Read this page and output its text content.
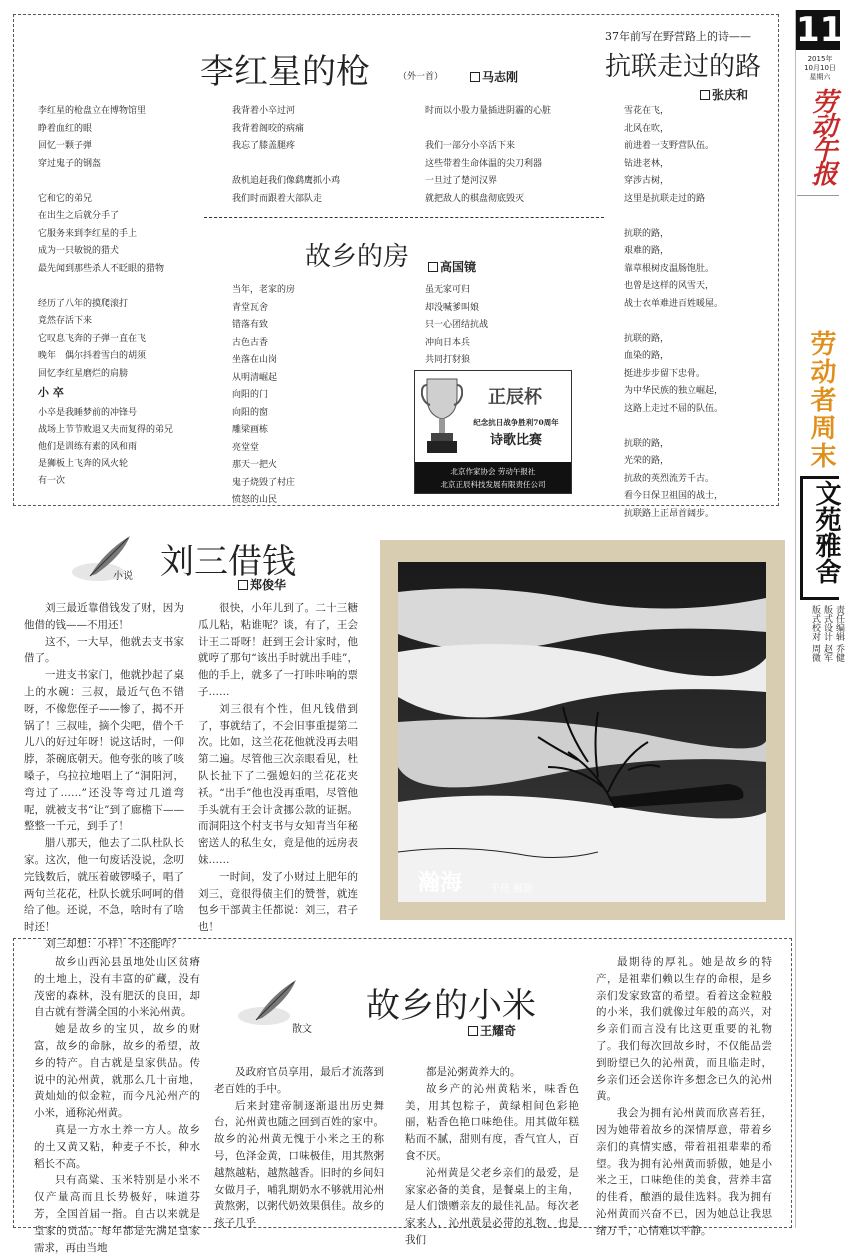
11
2015年
10月10日
星期六
劳动午报
劳动者周末
文苑雅舍
责任编辑 乔健
版式设计 赵军
版式校对 周微
李红星的枪	（外一首）	马志刚
李红星的枪盘立在博物馆里
睁着血红的眼
回忆一颗子弹
穿过鬼子的钢盔

它和它的弟兄
在出生之后就分手了
它服务来到李红星的手上
成为一只敏锐的猎犬
最先闻到那些杀人不眨眼的猎物

经历了八年的摸爬滚打
竟然存活下来
它叹息飞奔的子弹一直在飞
晚年　偶尔抖着雪白的胡须
回忆李红星磨烂的肩膀
我背着小卒过河
我背着阁咬的病痛
我忘了膝盖腿疼

敌机追赶我们像鹞鹰抓小鸡
我们时而跟着大部队走
时而以小股力量插进阴霾的心脏

我们一部分小卒活下来
这些带着生命体温的尖刀利器
一旦过了楚河汉界
就把敌人的棋盘彻底毁灭
小 卒
小卒是我睡梦前的冲锋号
战场上节节败退又夫而复得的弟兄
他们是训练有素的风和雨
是狮板上飞奔的风火轮
有一次
37年前写在野营路上的诗——
抗联走过的路
张庆和
雪花在飞，
北风在吹，
前进着一支野营队伍。
钻进老林，
穿涉古树，
这里是抗联走过的路

抗联的路，
艰难的路，
靠草根树皮温肠饱肚。
也曾是这样的风雪天，
战士衣单难进百姓暖屋。

抗联的路，
血染的路，
挺进步步留下忠骨。
为中华民族的独立崛起，
这路上走过不屈的队伍。

抗联的路，
光荣的路，
抗敌的英烈流芳千古。
看今日保卫祖国的战士，
抗联路上正昂首阔步。
故乡的房	高国镜
当年，老家的房
青堂瓦舍
错落有致
古色古香
坐落在山岗
从明清崛起
向阳的门
向阳的窗
雕梁画栋
亮堂堂
那天一把火
鬼子烧毁了村庄
愤怒的山民
虽无家可归
却没喊爹叫娘
只一心团结抗战
冲向日本兵
共同打豺狼
正辰杯
纪念抗日战争胜利70周年
诗歌比赛
北京作家协会 劳动午报社
北京正辰科技发展有限责任公司
小说 刘三借钱
郑俊华

刘三最近靠借钱发了财，因为他借的钱——不用还！

这不，一大早，他就去支书家借了。

一进支书家门，他就抄起了桌上的水碗：三叔，最近气色不错呀，不像您侄子——惨了，揭不开锅了！三叔哇，摘个尖吧，借个千儿八的好过年呀！说这话时，一仰脖，茶碗底朝天。他夸张的咳了咳嗓子，乌拉拉地唱上了“洞阳河，弯过了……”还没等弯过几道弯呢，就被支书“让”到了廊檐下——整整一千元，到手了！

腊八那天，他去了二队杜队长家。这次，他一句废话没说，念叨完钱数后，就压着破锣嗓子，唱了两句兰花花，杜队长就乐呵呵的借给了他。还说，不急，啥时有了啥时还！

刘三却想：小样！不还能咋？

很快，小年儿到了。二十三糖瓜儿粘，粘谁呢？谈，有了，王会计王二哥呀！赶到王会计家时，他就哼了那句“该出手时就出手哇”，他的手上，就多了一打咔咔响的票子……

刘三很有个性，但凡钱借到了，事就结了，不会旧事重提第二次。比如，这兰花花他就没再去唱第二遍。尽管他三次亲眼看见，杜队长扯下了二强媳妇的兰花花夹袄。“出手”他也没再重唱，尽管他手头就有王会计贪挪公款的证据。而洞阳这个村支书与女知青当年秘密送人的私生女，竟是他的远房表妹……

一时间，发了小财过上肥年的刘三，竟很得债主们的赞誉，就连包乡干部黄主任都说：刘三，君子也！

瀚海	于佳 摄影
散文
故乡的小米
王耀奇

故乡山西沁县虽地处山区贫瘠的土地上，没有丰富的矿藏，没有茂密的森林，没有肥沃的良田，却自古就有誉满全国的小米沁州黄。

她是故乡的宝贝，故乡的财富，故乡的命脉，故乡的希望，故乡的特产。自古就是皇家供品。传说中的沁州黄，就那么几十亩地，黄灿灿的似金粒，而今凡沁州产的小米，通称沁州黄。

真是一方水土养一方人。故乡的土又黄又粘，种麦子不长，种水稻长不高。

只有高粱、玉米特别是小米不仅产量高而且长势极好，味道芬芳，全国首届一指。自古以来就是皇家的贡品。每年都是先满足皇家需求，再由当地

及政府官员享用，最后才流落到老百姓的手中。

后来封建帝制逐渐退出历史舞台，沁州黄也随之回到百姓的家中。故乡的沁州黄无愧于小米之王的称号，色泽金黄，口味极佳，用其熬粥越熬越粘，越熬越香。旧时的乡间妇女做月子，哺乳期奶水不够就用沁州黄熬粥，以粥代奶效果俱佳。故乡的孩子几乎

都是沁粥黄养大的。

故乡产的沁州黄粘米，味香色美，用其包粽子，黄绿相间色彩艳丽，粘香色艳口味绝佳。用其做年糕粘而不腻，甜则有度，香气宜人，百食不厌。

沁州黄是父老乡亲们的最爱，是家家必备的美食，是餐桌上的主角，是人们馈赠亲友的最佳礼品。每次老家来人，沁州黄是必带的礼物，也是我们

最期待的厚礼。她是故乡的特产，是祖辈们赖以生存的命根，是乡亲们发家致富的希望。看着这金粒般的小米，我们就像过年般的高兴，对乡亲们而言没有比这更重要的礼物了。我们每次回故乡时，不仅能品尝到盼望已久的沁州黄，而且临走时，乡亲们还会送你许多想念已久的沁州黄。

我会为拥有沁州黄而欣喜若狂，因为她带着故乡的深情厚意，带着乡亲们的真情实感，带着祖祖辈辈的希望。我为拥有沁州黄而骄傲，她是小米之王，口味绝佳的美食，营养丰富的佳肴，酿酒的最佳选料。我为拥有沁州黄而兴奋不已，因为她总让我思绪万千，心情难以平静。
